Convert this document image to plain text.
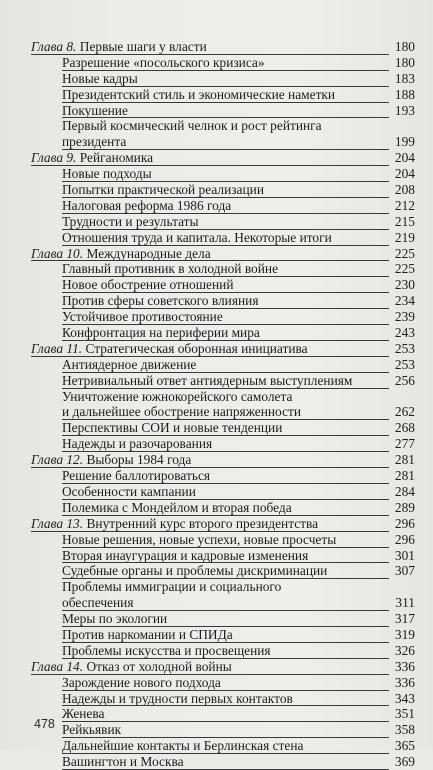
Глава 8. Первые шаги у власти	180
Разрешение «посольского кризиса»	180
Новые кадры	183
Президентский стиль и экономические наметки	188
Покушение	193
Первый космический челнок и рост рейтинга
президента	199
Глава 9. Рейганомика	204
Новые подходы	204
Попытки практической реализации	208
Налоговая реформа 1986 года	212
Трудности и результаты	215
Отношения труда и капитала. Некоторые итоги	219
Глава 10. Международные дела	225
Главный противник в холодной войне	225
Новое обострение отношений	230
Против сферы советского влияния	234
Устойчивое противостояние	239
Конфронтация на периферии мира	243
Глава 11. Стратегическая оборонная инициатива	253
Антиядерное движение	253
Нетривиальный ответ антиядерным выступлениям	256
Уничтожение южнокорейского самолета
и дальнейшее обострение напряженности	262
Перспективы СОИ и новые тенденции	268
Надежды и разочарования	277
Глава 12. Выборы 1984 года	281
Решение баллотироваться	281
Особенности кампании	284
Полемика с Мондейлом и вторая победа	289
Глава 13. Внутренний курс второго президентства	296
Новые решения, новые успехи, новые просчеты	296
Вторая инаугурация и кадровые изменения	301
Судебные органы и проблемы дискриминации	307
Проблемы иммиграции и социального
обеспечения	311
Меры по экологии	317
Против наркомании и СПИДа	319
Проблемы искусства и просвещения	326
Глава 14. Отказ от холодной войны	336
Зарождение нового подхода	336
Надежды и трудности первых контактов	343
Женева	351
Рейкьявик	358
Дальнейшие контакты и Берлинская стена	365
Вашингтон и Москва	369
478
